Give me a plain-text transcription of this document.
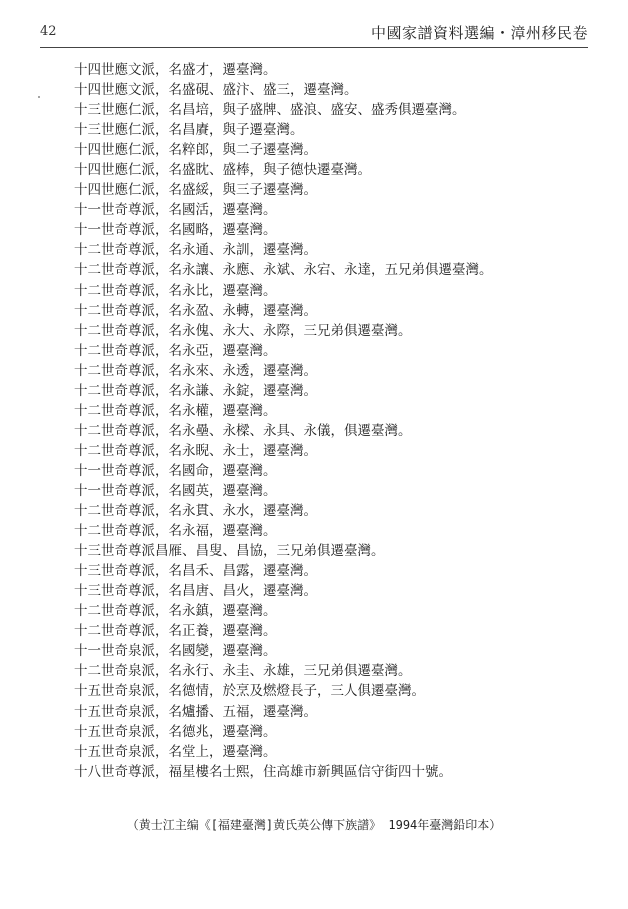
42	中國家譜資料選編・漳州移民卷
十四世應文派，名盛才，遷臺灣。
十四世應文派，名盛硯、盛汴、盛三，遷臺灣。
十三世應仁派，名昌培，與子盛牌、盛浪、盛安、盛秀俱遷臺灣。
十三世應仁派，名昌賡，與子遷臺灣。
十四世應仁派，名粹郎，與二子遷臺灣。
十四世應仁派，名盛眈、盛棒，與子德快遷臺灣。
十四世應仁派，名盛綏，與三子遷臺灣。
十一世奇尊派，名國活，遷臺灣。
十一世奇尊派，名國略，遷臺灣。
十二世奇尊派，名永通、永訓，遷臺灣。
十二世奇尊派，名永讓、永應、永斌、永宕、永達，五兄弟俱遷臺灣。
十二世奇尊派，名永比，遷臺灣。
十二世奇尊派，名永盈、永轉，遷臺灣。
十二世奇尊派，名永傀、永大、永際，三兄弟俱遷臺灣。
十二世奇尊派，名永亞，遷臺灣。
十二世奇尊派，名永來、永透，遷臺灣。
十二世奇尊派，名永謙、永錠，遷臺灣。
十二世奇尊派，名永權，遷臺灣。
十二世奇尊派，名永壘、永樑、永具、永儀，俱遷臺灣。
十二世奇尊派，名永睨、永士，遷臺灣。
十一世奇尊派，名國命，遷臺灣。
十一世奇尊派，名國英，遷臺灣。
十二世奇尊派，名永貫、永水，遷臺灣。
十二世奇尊派，名永福，遷臺灣。
十三世奇尊派昌雁、昌叟、昌協，三兄弟俱遷臺灣。
十三世奇尊派，名昌禾、昌露，遷臺灣。
十三世奇尊派，名昌唐、昌火，遷臺灣。
十二世奇尊派，名永鎮，遷臺灣。
十二世奇尊派，名正養，遷臺灣。
十一世奇泉派，名國變，遷臺灣。
十二世奇泉派，名永行、永圭、永雄，三兄弟俱遷臺灣。
十五世奇泉派，名德情，於烹及燃燈長子，三人俱遷臺灣。
十五世奇泉派，名爐播、五福，遷臺灣。
十五世奇泉派，名德兆，遷臺灣。
十五世奇泉派，名堂上，遷臺灣。
十八世奇尊派，福星樓名士熙，住高雄市新興區信守街四十號。
（黄士江主编《[福建臺灣]黄氏英公傳下族譜》 1994年臺灣鉛印本）
